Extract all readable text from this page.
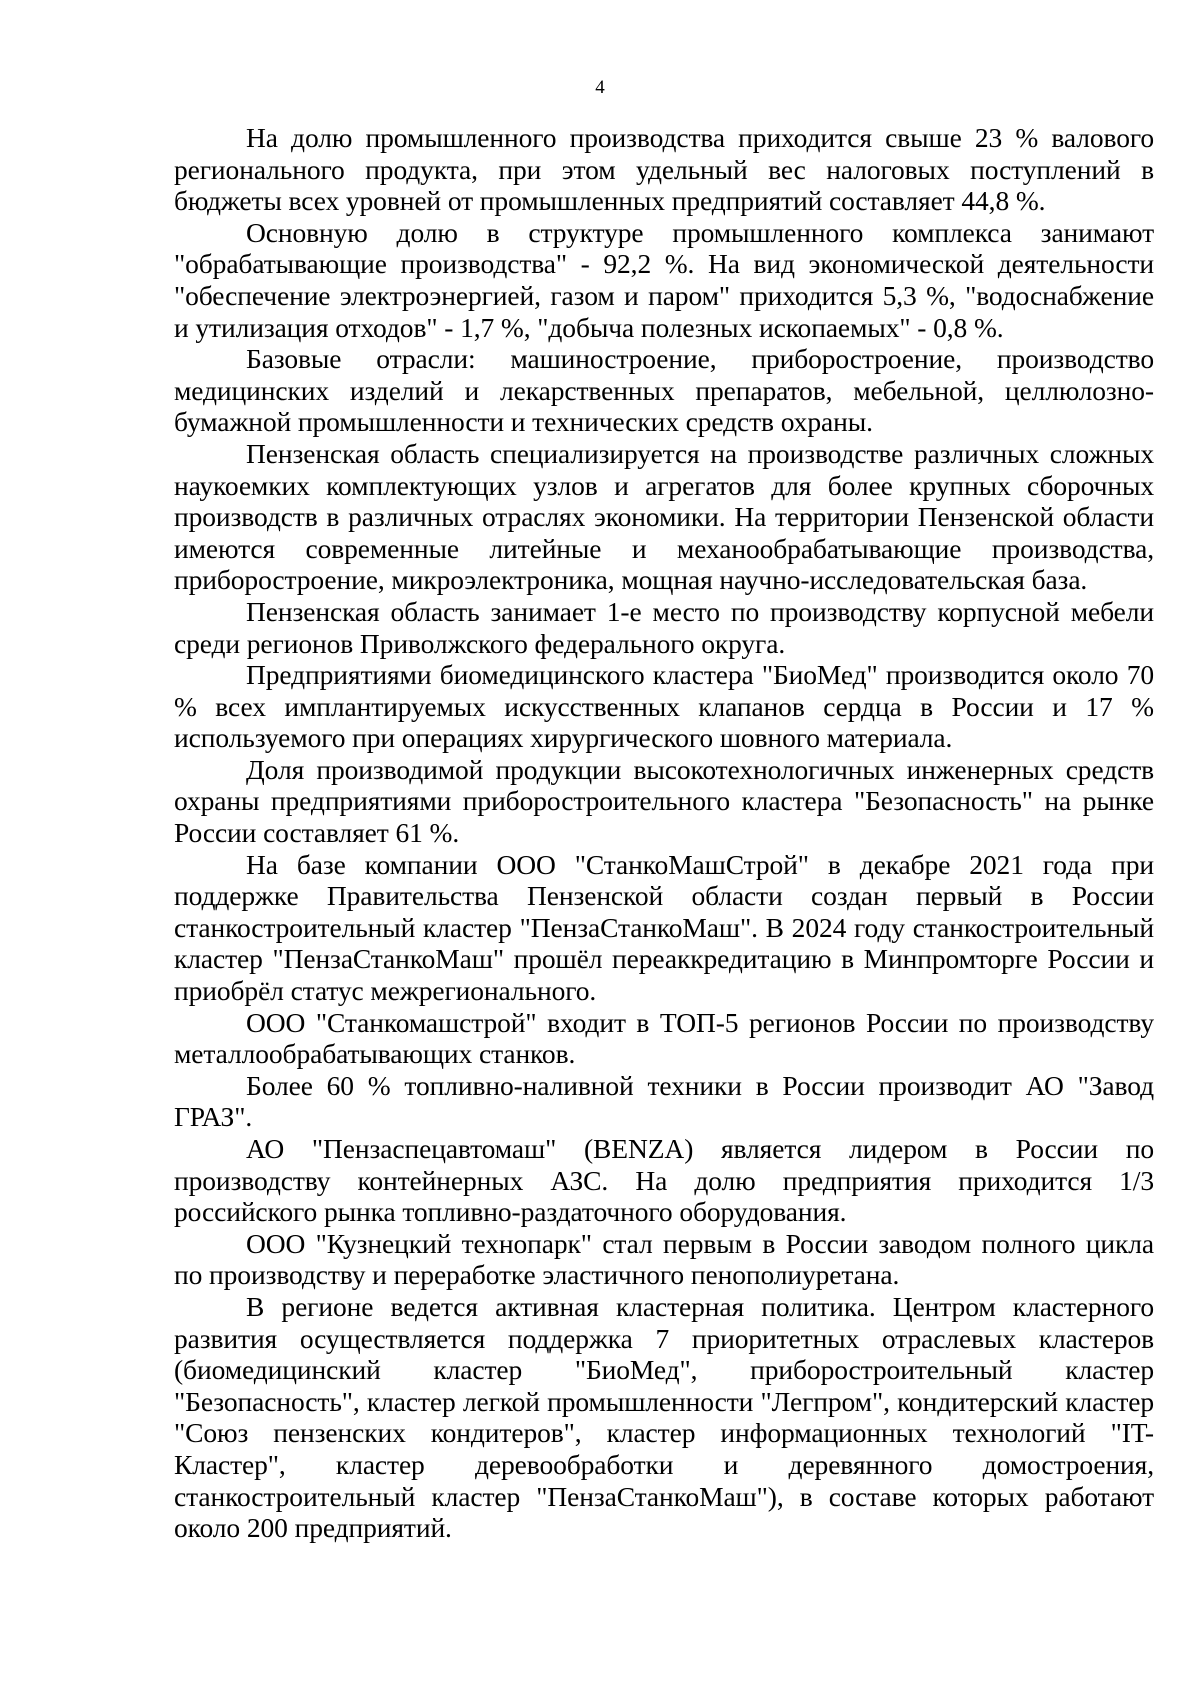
4

На долю промышленного производства приходится свыше 23 % валового регионального продукта, при этом удельный вес налоговых поступлений в бюджеты всех уровней от промышленных предприятий составляет 44,8 %.

Основную долю в структуре промышленного комплекса занимают "обрабатывающие производства" - 92,2 %. На вид экономической деятельности "обеспечение электроэнергией, газом и паром" приходится 5,3 %, "водоснабжение и утилизация отходов" - 1,7 %, "добыча полезных ископаемых" - 0,8 %.

Базовые отрасли: машиностроение, приборостроение, производство медицинских изделий и лекарственных препаратов, мебельной, целлюлозно-бумажной промышленности и технических средств охраны.

Пензенская область специализируется на производстве различных сложных наукоемких комплектующих узлов и агрегатов для более крупных сборочных производств в различных отраслях экономики. На территории Пензенской области имеются современные литейные и механообрабатывающие производства, приборостроение, микроэлектроника, мощная научно-исследовательская база.

Пензенская область занимает 1-е место по производству корпусной мебели среди регионов Приволжского федерального округа.

Предприятиями биомедицинского кластера "БиоМед" производится около 70 % всех имплантируемых искусственных клапанов сердца в России и 17 % используемого при операциях хирургического шовного материала.

Доля производимой продукции высокотехнологичных инженерных средств охраны предприятиями приборостроительного кластера "Безопасность" на рынке России составляет 61 %.

На базе компании ООО "СтанкоМашСтрой" в декабре 2021 года при поддержке Правительства Пензенской области создан первый в России станкостроительный кластер "ПензаСтанкоМаш". В 2024 году станкостроительный кластер "ПензаСтанкоМаш" прошёл переаккредитацию в Минпромторге России и приобрёл статус межрегионального.

ООО "Станкомашстрой" входит в ТОП-5 регионов России по производству металлообрабатывающих станков.

Более 60 % топливно-наливной техники в России производит АО "Завод ГРАЗ".

АО "Пензаспецавтомаш" (BENZA) является лидером в России по производству контейнерных АЗС. На долю предприятия приходится 1/3 российского рынка топливно-раздаточного оборудования.

ООО "Кузнецкий технопарк" стал первым в России заводом полного цикла по производству и переработке эластичного пенополиуретана.

В регионе ведется активная кластерная политика. Центром кластерного развития осуществляется поддержка 7 приоритетных отраслевых кластеров (биомедицинский кластер "БиоМед", приборостроительный кластер "Безопасность", кластер легкой промышленности "Легпром", кондитерский кластер "Союз пензенских кондитеров", кластер информационных технологий "IT-Кластер", кластер деревообработки и деревянного домостроения, станкостроительный кластер "ПензаСтанкоМаш"), в составе которых работают около 200 предприятий.
